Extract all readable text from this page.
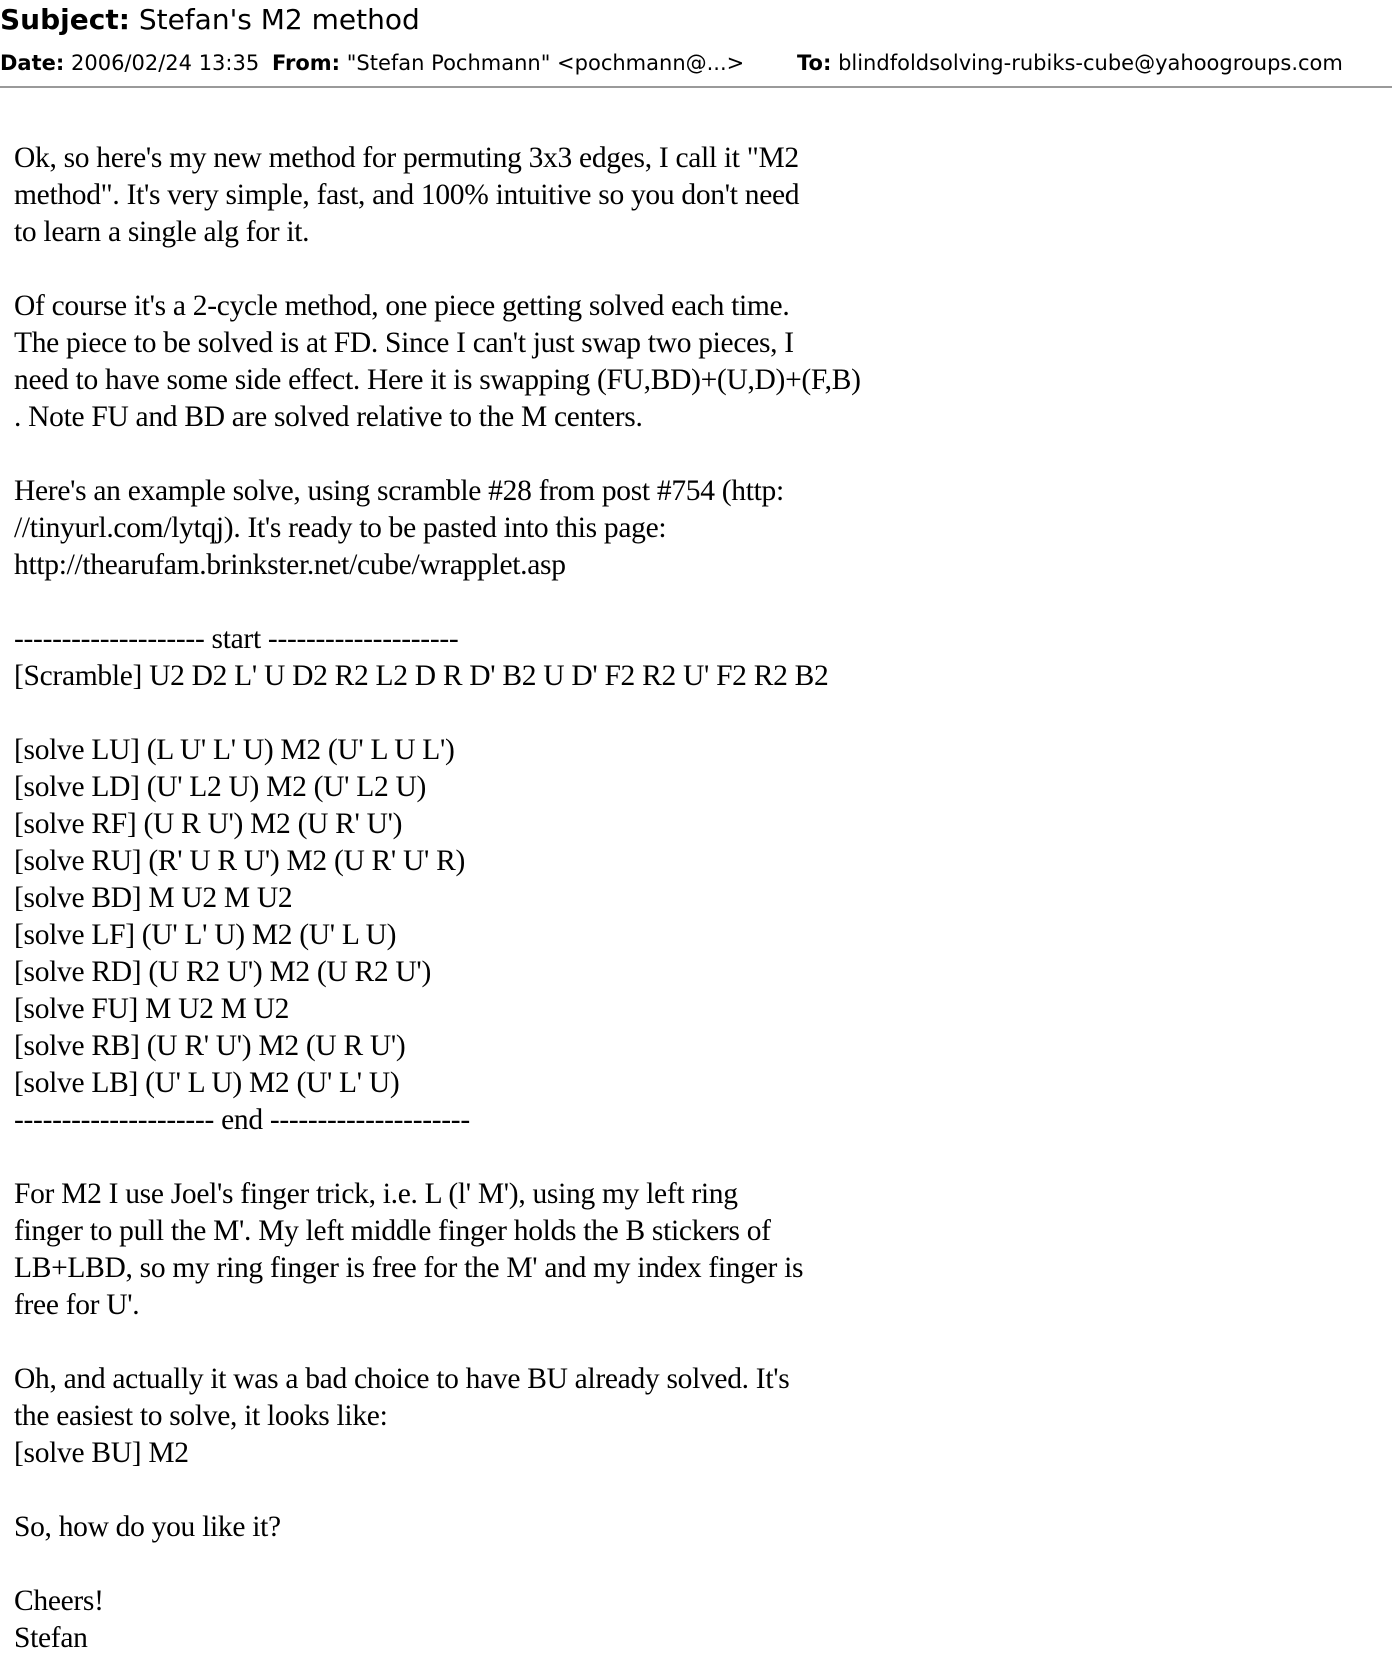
Subject: Stefan's M2 method
Date: 2006/02/24 13:35 From: "Stefan Pochmann" <pochmann@...>	To: blindfoldsolving-rubiks-cube@yahoogroups.com
Ok, so here's my new method for permuting 3x3 edges, I call it "M2
method". It's very simple, fast, and 100% intuitive so you don't need
to learn a single alg for it.
Of course it's a 2-cycle method, one piece getting solved each time.
The piece to be solved is at FD. Since I can't just swap two pieces, I
need to have some side effect. Here it is swapping (FU,BD)+(U,D)+(F,B)
. Note FU and BD are solved relative to the M centers.
Here's an example solve, using scramble #28 from post #754 (http:
//tinyurl.com/lytqj). It's ready to be pasted into this page:
http://thearufam.brinkster.net/cube/wrapplet.asp
-------------------- start --------------------
[Scramble] U2 D2 L' U D2 R2 L2 D R D' B2 U D' F2 R2 U' F2 R2 B2
[solve LU] (L U' L' U) M2 (U' L U L')
[solve LD] (U' L2 U) M2 (U' L2 U)
[solve RF] (U R U') M2 (U R' U')
[solve RU] (R' U R U') M2 (U R' U' R)
[solve BD] M U2 M U2
[solve LF] (U' L' U) M2 (U' L U)
[solve RD] (U R2 U') M2 (U R2 U')
[solve FU] M U2 M U2
[solve RB] (U R' U') M2 (U R U')
[solve LB] (U' L U) M2 (U' L' U)
--------------------- end ---------------------
For M2 I use Joel's finger trick, i.e. L (l' M'), using my left ring
finger to pull the M'. My left middle finger holds the B stickers of
LB+LBD, so my ring finger is free for the M' and my index finger is
free for U'.
Oh, and actually it was a bad choice to have BU already solved. It's
the easiest to solve, it looks like:
[solve BU] M2
So, how do you like it?
Cheers!
Stefan
